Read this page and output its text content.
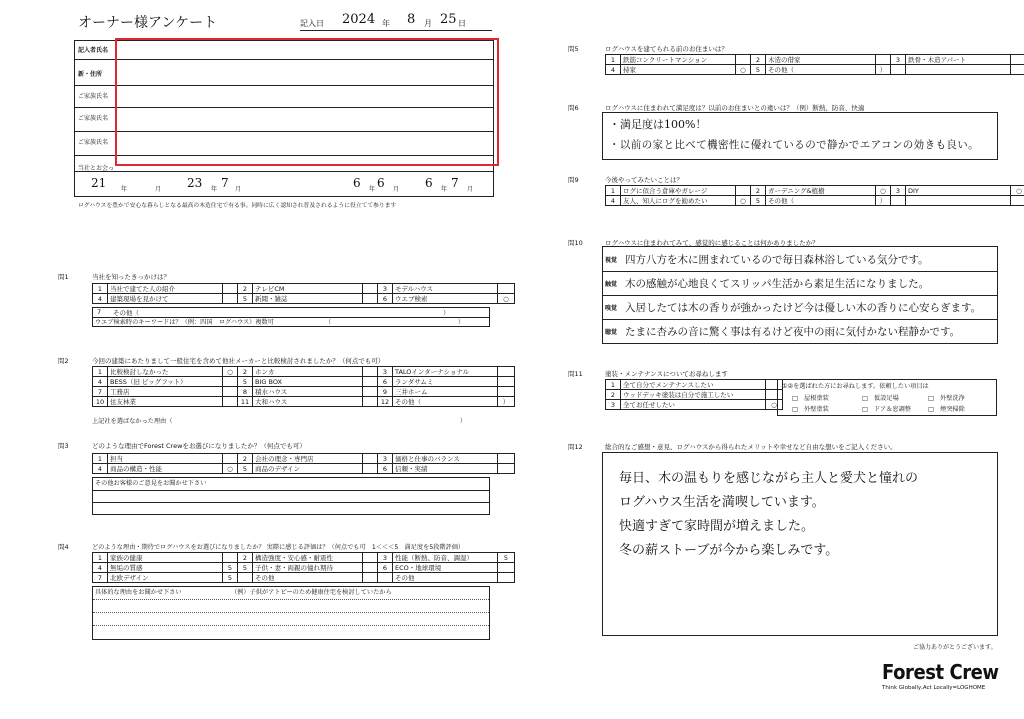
オーナー様アンケート	記入日 2024 年 8 月 25 日
記入者氏名
新・住所
ご家族氏名
ご家族氏名
ご家族氏名
当社とお会っ
21 年	月 23 年 7 月	6 年 6 月 6 年 7 月
ログハウスを豊かで安心な暮らしとなる最高の木造住宅で有る事。同時に広く認知され普及されるように役立てて参ります
問1	当社を知ったきっかけは？
1	当社で建てた人の紹介		2	テレビCM		3	モデルハウス	
4	建築現場を見かけて		5	新聞・雑誌		6	ウエブ検索	○
7 その他（	）
ウエブ検索時のキーワードは？（例：四国　ログハウス）複数可	（	）
問2	今回の建築にあたりまして一般住宅を含めて他社メーカーと比較検討されましたか？（何点でも可）
1	比較検討しなかった	○	2	ホンカ		3	TALOインターナショナル	
4	BESS（旧 ビッグフット）		5	BIG BOX		6	ランダサムミ	
7	工務店		8	積水ハウス		9	三井ホーム	
10	住友林業		11	大和ハウス		12	その他（	）
上記社を選ばなかった理由（	）
問3	どのような理由でForest Crewをお選びになりましたか？（何点でも可）
1	担当		2	会社の理念・専門店		3	価格と仕事のバランス	
4	商品の構造・性能	○	5	商品のデザイン		6	信頼・実績	
その他お客様のご意見をお聞かせ下さい
問4	どのような理由・期待でログハウスをお選びになりましたか？ 実際に感じる評価は？（何点でも可　1＜＜＜5　満足度を5段階評価）
1	家族の健康		2	構造強度・安心感・耐震性		3	性能（断熱、防音、調湿）	5
4	無垢の質感	5	5	子供・妻・両親の憧れ期待		6	ECO・地球環境	
7	北欧デザイン	5		その他			その他	
具体的な理由をお聞かせ下さい	（例）子供がアトピーのため健康住宅を検討していたから
問5	ログハウスを建てられる前のお住まいは？
1	鉄筋コンクリートマンション		2	木造の借家		3	鉄骨・木造アパート	
4	持家	○	5	その他（	）			
問6	ログハウスに住まわれて満足度は？以前のお住まいとの違いは？（例）断熱、防音、快適
・満足度は100%！
・以前の家と比べて機密性に優れているので静かでエアコンの効きも良い。
問9	今後やってみたいことは？
1	ログに似合う倉庫やガレージ		2	ガーデニング&植樹	○	3	DIY	○
4	友人、知人にログを勧めたい	○	5	その他（	）			
問10	ログハウスに住まわれてみて、感覚的に感じることは何かありましたか？
視覚 四方八方を木に囲まれているので毎日森林浴している気分です。
触覚 木の感触が心地良くてスリッパ生活から素足生活になりました。
嗅覚 入居したては木の香りが強かったけど今は優しい木の香りに心安らぎます。
聴覚 たまに杏みの音に驚く事は有るけど夜中の雨に気付かない程静かです。
問11	塗装・メンテナンスについてお尋ねします
1	全て自分でメンテナンスしたい	
2	ウッドデッキ塗装は自分で施工したい	
3	全てお任せしたい	○
①②を選ばれた方にお尋ねします。依頼したい項目は
□　屋根塗装	□　仮設足場	□　外壁洗浄
□　外壁塗装	□　ドア＆窓調整	□　煙突掃除
問12	総合的なご感想・意見、ログハウスから得られたメリットや幸せなど自由な想いをご記入ください。
毎日、木の温もりを感じながら主人と愛犬と憧れの
ログハウス生活を満喫しています。
快適すぎて家時間が増えました。
冬の薪ストーブが今から楽しみです。
ご協力ありがとうございます。
Forest Crew
Think Globally,Act Locally=LOGHOME
